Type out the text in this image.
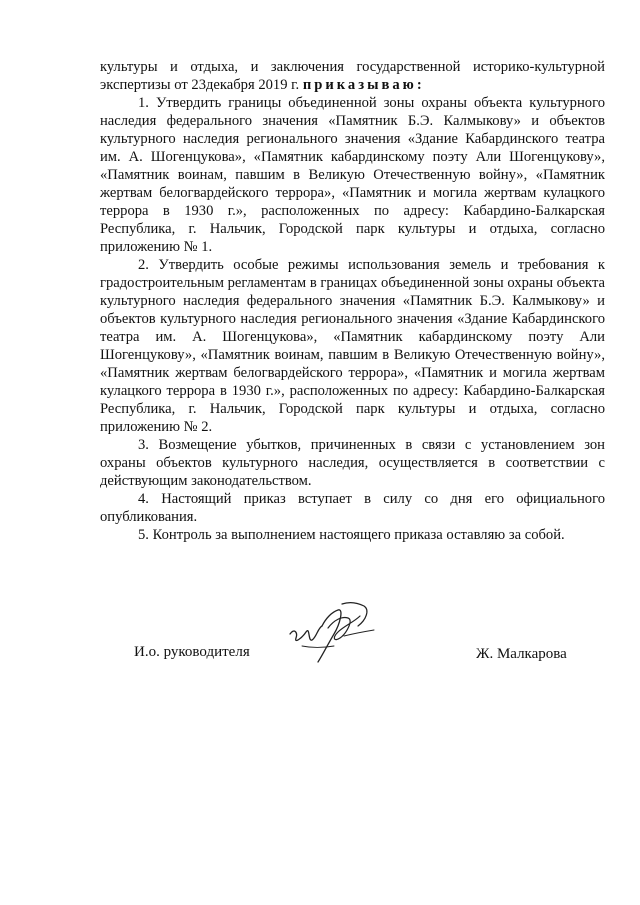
культуры и отдыха, и заключения государственной историко-культурной экспертизы от 23декабря 2019 г. приказываю:

1. Утвердить границы объединенной зоны охраны объекта культурного наследия федерального значения «Памятник Б.Э. Калмыкову» и объектов культурного наследия регионального значения «Здание Кабардинского театра им. А. Шогенцукова», «Памятник кабардинскому поэту Али Шогенцукову», «Памятник воинам, павшим в Великую Отечественную войну», «Памятник жертвам белогвардейского террора», «Памятник и могила жертвам кулацкого террора в 1930 г.», расположенных по адресу: Кабардино-Балкарская Республика, г. Нальчик, Городской парк культуры и отдыха, согласно приложению № 1.

2. Утвердить особые режимы использования земель и требования к градостроительным регламентам в границах объединенной зоны охраны объекта культурного наследия федерального значения «Памятник Б.Э. Калмыкову» и объектов культурного наследия регионального значения «Здание Кабардинского театра им. А. Шогенцукова», «Памятник кабардинскому поэту Али Шогенцукову», «Памятник воинам, павшим в Великую Отечественную войну», «Памятник жертвам белогвардейского террора», «Памятник и могила жертвам кулацкого террора в 1930 г.», расположенных по адресу: Кабардино-Балкарская Республика, г. Нальчик, Городской парк культуры и отдыха, согласно приложению № 2.

3. Возмещение убытков, причиненных в связи с установлением зон охраны объектов культурного наследия, осуществляется в соответствии с действующим законодательством.

4. Настоящий приказ вступает в силу со дня его официального опубликования.

5. Контроль за выполнением настоящего приказа оставляю за собой.

И.о. руководителя	Ж. Малкарова
